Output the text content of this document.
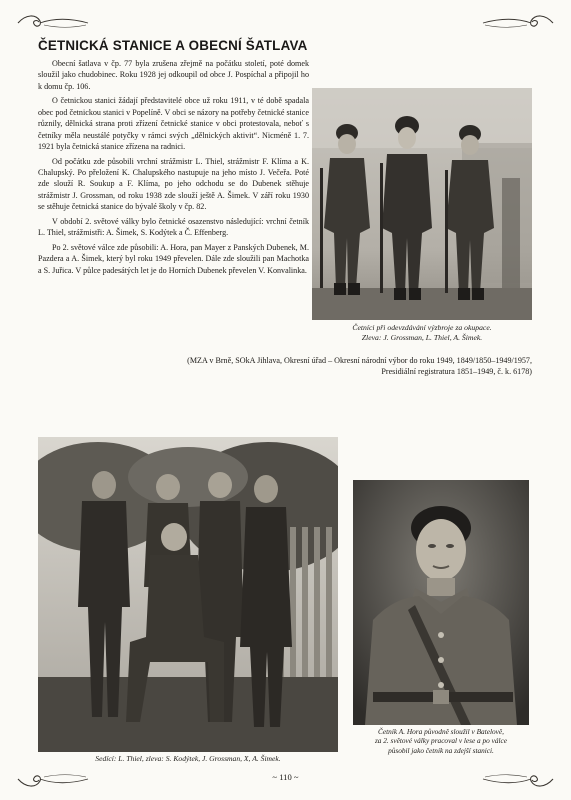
ČETNICKÁ STANICE A OBECNÍ ŠATLAVA

Obecní šatlava v čp. 77 byla zrušena zřejmě na počátku století, poté domek sloužil jako chudobinec. Roku 1928 jej odkoupil od obce J. Pospíchal a připojil ho k domu čp. 106.

O četnickou stanici žádají představitelé obce už roku 1911, v té době spadala obec pod četnickou stanici v Popelíně. V obci se názory na potřeby četnické stanice různily, dělnická strana proti zřízení četnické stanice v obci protestovala, neboť s četníky měla neustálé potyčky v rámci svých „dělnických aktivit“. Nicméně 1. 7. 1921 byla četnická stanice zřízena na radnici.

Od počátku zde působili vrchní strážmistr L. Thiel, strážmistr F. Klíma a K. Chalupský. Po přeložení K. Chalupského nastupuje na jeho místo J. Večeřa. Poté zde slouží R. Soukup a F. Klíma, po jeho odchodu se do Dubenek stěhuje strážmistr J. Grossman, od roku 1938 zde slouží ještě A. Šimek. V září roku 1930 se stěhuje četnická stanice do bývalé školy v čp. 82.

V období 2. světové války bylo četnické osazenstvo následující: vrchní četník L. Thiel, strážmistři: A. Šimek, S. Kodýtek a Č. Effenberg.

Po 2. světové válce zde působili: A. Hora, pan Mayer z Panských Dubenek, M. Pazdera a A. Šimek, který byl roku 1949 převelen. Dále zde sloužili pan Machotka a S. Juřica. V půlce padesátých let je do Horních Dubenek převelen V. Konvalinka.

Četníci při odevzdávání výzbroje za okupace.
Zleva: J. Grossman, L. Thiel, A. Šimek.
(MZA v Brně, SOkA Jihlava, Okresní úřad – Okresní národní výbor do roku 1949, 1849/1850–1949/1957,
Presidiální registratura 1851–1949, č. k. 6178)
Sedící: L. Thiel, zleva: S. Kodýtek, J. Grossman, X, A. Šimek.
Četník A. Hora původně sloužil v Batelově,
za 2. světové války pracoval v lese a po válce
působil jako četník na zdejší stanici.
~ 110 ~
